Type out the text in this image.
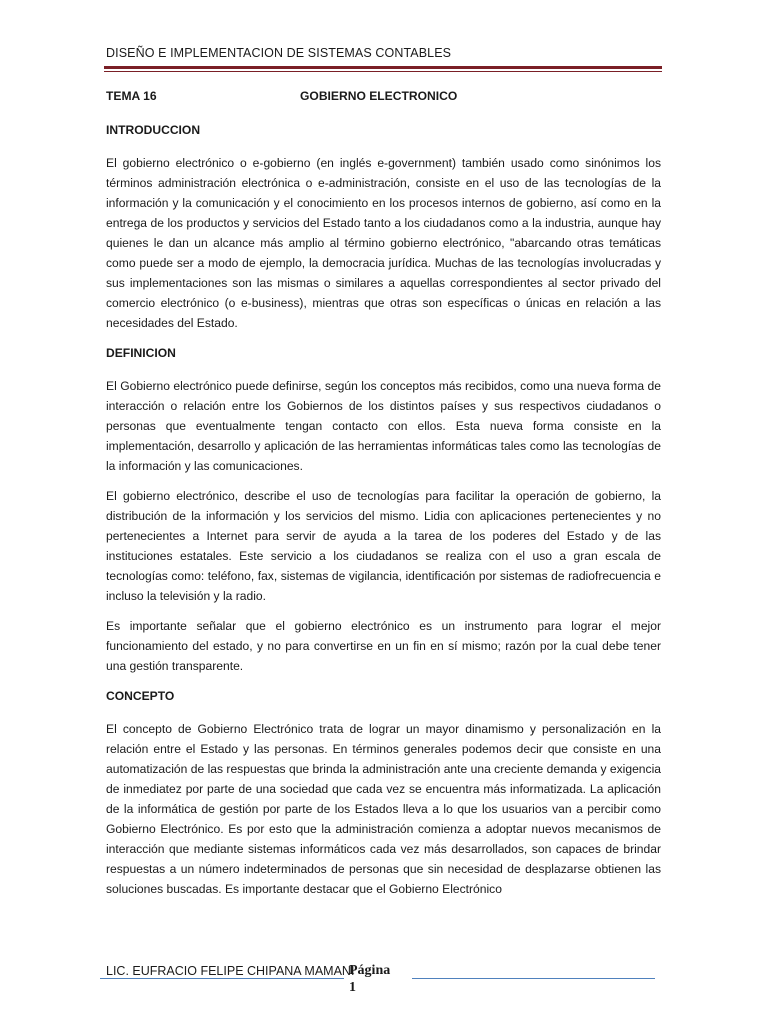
DISEÑO E IMPLEMENTACION DE SISTEMAS CONTABLES
TEMA 16	GOBIERNO ELECTRONICO
INTRODUCCION

El gobierno electrónico o e-gobierno (en inglés e-government) también usado como sinónimos los términos administración electrónica o e-administración, consiste en el uso de las tecnologías de la información y la comunicación y el conocimiento en los procesos internos de gobierno, así como en la entrega de los productos y servicios del Estado tanto a los ciudadanos como a la industria, aunque hay quienes le dan un alcance más amplio al término gobierno electrónico, "abarcando otras temáticas como puede ser a modo de ejemplo, la democracia jurídica. Muchas de las tecnologías involucradas y sus implementaciones son las mismas o similares a aquellas correspondientes al sector privado del comercio electrónico (o e-business), mientras que otras son específicas o únicas en relación a las necesidades del Estado.

DEFINICION

El Gobierno electrónico puede definirse, según los conceptos más recibidos, como una nueva forma de interacción o relación entre los Gobiernos de los distintos países y sus respectivos ciudadanos o personas que eventualmente tengan contacto con ellos. Esta nueva forma consiste en la implementación, desarrollo y aplicación de las herramientas informáticas tales como las tecnologías de la información y las comunicaciones.

El gobierno electrónico, describe el uso de tecnologías para facilitar la operación de gobierno, la distribución de la información y los servicios del mismo. Lidia con aplicaciones pertenecientes y no pertenecientes a Internet para servir de ayuda a la tarea de los poderes del Estado y de las instituciones estatales. Este servicio a los ciudadanos se realiza con el uso a gran escala de tecnologías como: teléfono, fax, sistemas de vigilancia, identificación por sistemas de radiofrecuencia e incluso la televisión y la radio.

Es importante señalar que el gobierno electrónico es un instrumento para lograr el mejor funcionamiento del estado, y no para convertirse en un fin en sí mismo; razón por la cual debe tener una gestión transparente.

CONCEPTO

El concepto de Gobierno Electrónico trata de lograr un mayor dinamismo y personalización en la relación entre el Estado y las personas. En términos generales podemos decir que consiste en una automatización de las respuestas que brinda la administración ante una creciente demanda y exigencia de inmediatez por parte de una sociedad que cada vez se encuentra más informatizada. La aplicación de la informática de gestión por parte de los Estados lleva a lo que los usuarios van a percibir como Gobierno Electrónico. Es por esto que la administración comienza a adoptar nuevos mecanismos de interacción que mediante sistemas informáticos cada vez más desarrollados, son capaces de brindar respuestas a un número indeterminados de personas que sin necesidad de desplazarse obtienen las soluciones buscadas. Es importante destacar que el Gobierno Electrónico

LIC. EUFRACIO FELIPE CHIPANA MAMANI
Página
1
